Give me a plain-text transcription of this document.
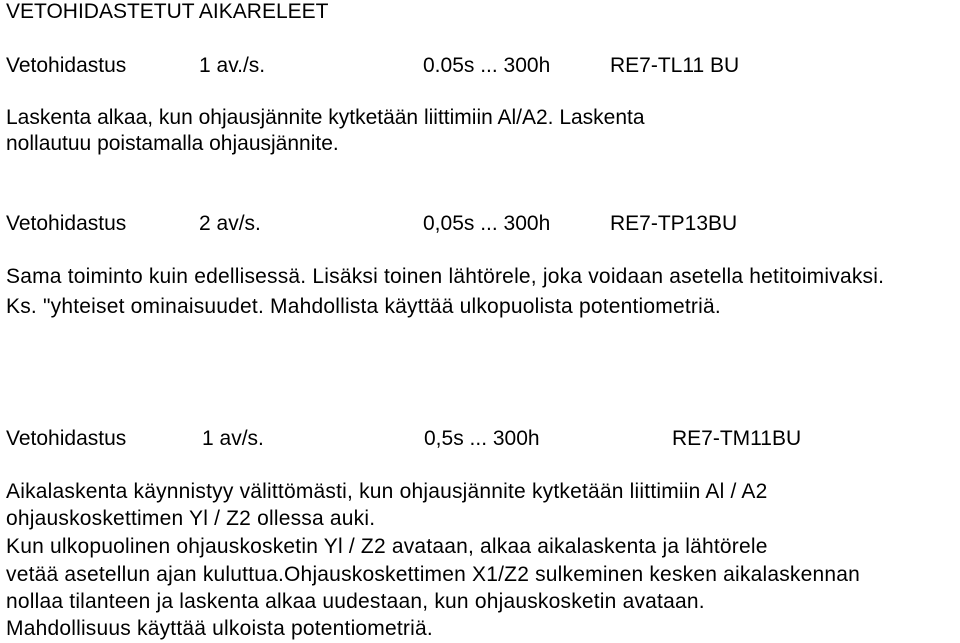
VETOHIDASTETUT AIKARELEET

Vetohidastus	1 av./s.	0.05s ... 300h	RE7-TL11 BU

Laskenta alkaa, kun ohjausjännite kytketään liittimiin Al/A2. Laskenta

nollautuu poistamalla ohjausjännite.

Vetohidastus	2 av/s.	0,05s ... 300h	RE7-TP13BU

Sama toiminto kuin edellisessä. Lisäksi toinen lähtörele, joka voidaan asetella hetitoimivaksi.

Ks. "yhteiset ominaisuudet. Mahdollista käyttää ulkopuolista potentiometriä.

Vetohidastus	1 av/s.	0,5s ... 300h	RE7-TM11BU

Aikalaskenta käynnistyy välittömästi, kun ohjausjännite kytketään liittimiin Al / A2

ohjauskoskettimen Yl / Z2 ollessa auki.

Kun ulkopuolinen ohjauskosketin Yl / Z2 avataan, alkaa aikalaskenta ja lähtörele

vetää asetellun ajan kuluttua.Ohjauskoskettimen X1/Z2 sulkeminen kesken aikalaskennan

nollaa tilanteen ja laskenta alkaa uudestaan, kun ohjauskosketin avataan.

Mahdollisuus käyttää ulkoista potentiometriä.
